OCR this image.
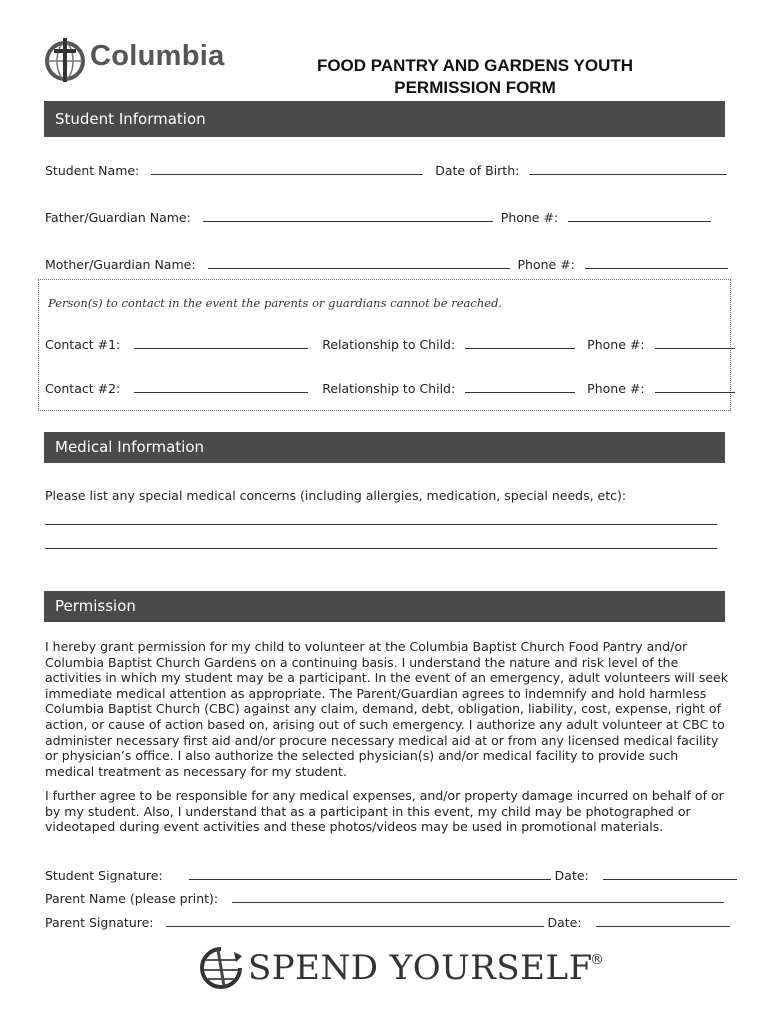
Columbia	FOOD PANTRY AND GARDENS YOUTH
PERMISSION FORM
Student Information
Student Name:	Date of Birth:
Father/Guardian Name:	Phone #:
Mother/Guardian Name:	Phone #:
Person(s) to contact in the event the parents or guardians cannot be reached.
Contact #1:	Relationship to Child:	Phone #:
Contact #2:	Relationship to Child:	Phone #:
Medical Information
Please list any special medical concerns (including allergies, medication, special needs, etc):
Permission
I hereby grant permission for my child to volunteer at the Columbia Baptist Church Food Pantry and/or Columbia Baptist Church Gardens on a continuing basis. I understand the nature and risk level of the activities in which my student may be a participant. In the event of an emergency, adult volunteers will seek immediate medical attention as appropriate. The Parent/Guardian agrees to indemnify and hold harmless Columbia Baptist Church (CBC) against any claim, demand, debt, obligation, liability, cost, expense, right of action, or cause of action based on, arising out of such emergency. I authorize any adult volunteer at CBC to administer necessary first aid and/or procure necessary medical aid at or from any licensed medical facility or physician’s office. I also authorize the selected physician(s) and/or medical facility to provide such medical treatment as necessary for my student.
I further agree to be responsible for any medical expenses, and/or property damage incurred on behalf of or by my student. Also, I understand that as a participant in this event, my child may be photographed or videotaped during event activities and these photos/videos may be used in promotional materials.
Student Signature:	Date:
Parent Name (please print):
Parent Signature:	Date:
SPEND YOURSELF
®
